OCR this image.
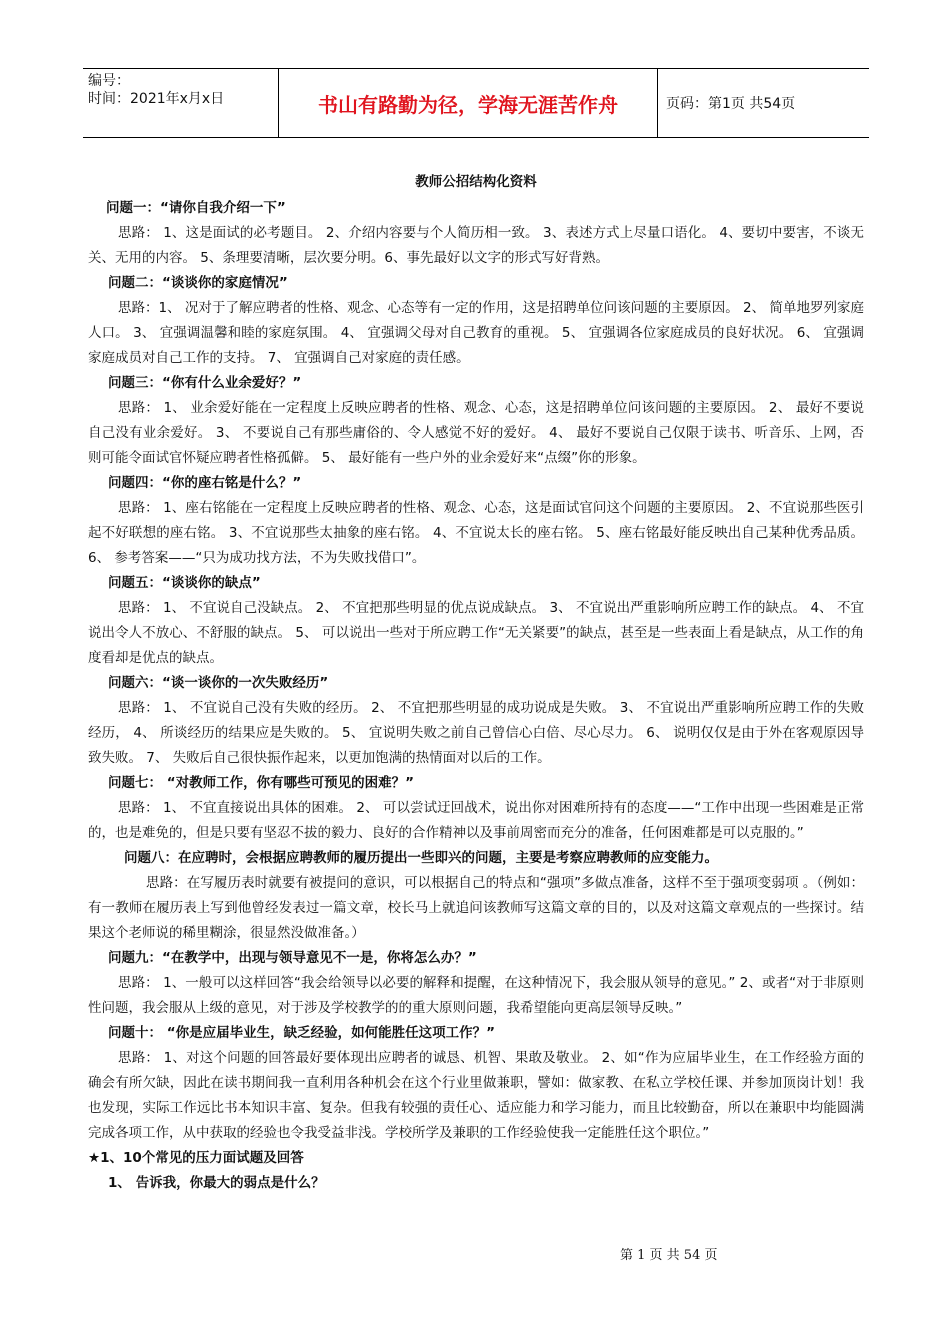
编号：
时间：2021年x月x日	书山有路勤为径，学海无涯苦作舟	页码：第1页 共54页

教师公招结构化资料

问题一：“请你自我介绍一下”

思路： 1、这是面试的必考题目。 2、介绍内容要与个人简历相一致。 3、表述方式上尽量口语化。 4、要切中要害，不谈无关、无用的内容。 5、条理要清晰，层次要分明。6、事先最好以文字的形式写好背熟。

问题二：“谈谈你的家庭情况”

思路：1、 况对于了解应聘者的性格、观念、心态等有一定的作用，这是招聘单位问该问题的主要原因。 2、 简单地罗列家庭人口。 3、 宜强调温馨和睦的家庭氛围。 4、 宜强调父母对自己教育的重视。 5、 宜强调各位家庭成员的良好状况。 6、 宜强调家庭成员对自己工作的支持。 7、 宜强调自己对家庭的责任感。

问题三：“你有什么业余爱好？”

思路： 1、 业余爱好能在一定程度上反映应聘者的性格、观念、心态，这是招聘单位问该问题的主要原因。 2、 最好不要说自己没有业余爱好。 3、 不要说自己有那些庸俗的、令人感觉不好的爱好。 4、 最好不要说自己仅限于读书、听音乐、上网，否则可能令面试官怀疑应聘者性格孤僻。 5、 最好能有一些户外的业余爱好来“点缀”你的形象。

问题四：“你的座右铭是什么？”

思路： 1、座右铭能在一定程度上反映应聘者的性格、观念、心态，这是面试官问这个问题的主要原因。 2、不宜说那些医引起不好联想的座右铭。 3、不宜说那些太抽象的座右铭。 4、不宜说太长的座右铭。 5、座右铭最好能反映出自己某种优秀品质。 6、 参考答案——“只为成功找方法，不为失败找借口”。

问题五：“谈谈你的缺点”

思路： 1、 不宜说自己没缺点。 2、 不宜把那些明显的优点说成缺点。 3、 不宜说出严重影响所应聘工作的缺点。 4、 不宜说出令人不放心、不舒服的缺点。 5、 可以说出一些对于所应聘工作“无关紧要”的缺点，甚至是一些表面上看是缺点，从工作的角度看却是优点的缺点。

问题六：“谈一谈你的一次失败经历”

思路： 1、 不宜说自己没有失败的经历。 2、 不宜把那些明显的成功说成是失败。 3、 不宜说出严重影响所应聘工作的失败经历， 4、 所谈经历的结果应是失败的。 5、 宜说明失败之前自己曾信心白倍、尽心尽力。 6、 说明仅仅是由于外在客观原因导致失败。 7、 失败后自己很快振作起来，以更加饱满的热情面对以后的工作。

问题七： “对教师工作，你有哪些可预见的困难？”

思路： 1、 不宜直接说出具体的困难。 2、 可以尝试迂回战术，说出你对困难所持有的态度——“工作中出现一些困难是正常的，也是难免的，但是只要有坚忍不拔的毅力、良好的合作精神以及事前周密而充分的准备，任何困难都是可以克服的。”

问题八：在应聘时，会根据应聘教师的履历提出一些即兴的问题，主要是考察应聘教师的应变能力。

思路：在写履历表时就要有被提问的意识，可以根据自己的特点和“强项”多做点准备，这样不至于强项变弱项 。（例如：有一教师在履历表上写到他曾经发表过一篇文章，校长马上就追问该教师写这篇文章的目的，以及对这篇文章观点的一些探讨。结果这个老师说的稀里糊涂，很显然没做准备。）

问题九：“在教学中，出现与领导意见不一是，你将怎么办？”

思路： 1、一般可以这样回答“我会给领导以必要的解释和提醒，在这种情况下，我会服从领导的意见。” 2、或者“对于非原则性问题，我会服从上级的意见，对于涉及学校教学的的重大原则问题，我希望能向更高层领导反映。”

问题十： “你是应届毕业生，缺乏经验，如何能胜任这项工作？”

思路： 1、对这个问题的回答最好要体现出应聘者的诚恳、机智、果敢及敬业。 2、如“作为应届毕业生，在工作经验方面的确会有所欠缺，因此在读书期间我一直利用各种机会在这个行业里做兼职，譬如：做家教、在私立学校任课、并参加顶岗计划！我也发现，实际工作远比书本知识丰富、复杂。但我有较强的责任心、适应能力和学习能力，而且比较勤奋，所以在兼职中均能圆满完成各项工作，从中获取的经验也令我受益非浅。学校所学及兼职的工作经验使我一定能胜任这个职位。”

★1、10个常见的压力面试题及回答

1、 告诉我，你最大的弱点是什么？

第 1 页 共 54 页
